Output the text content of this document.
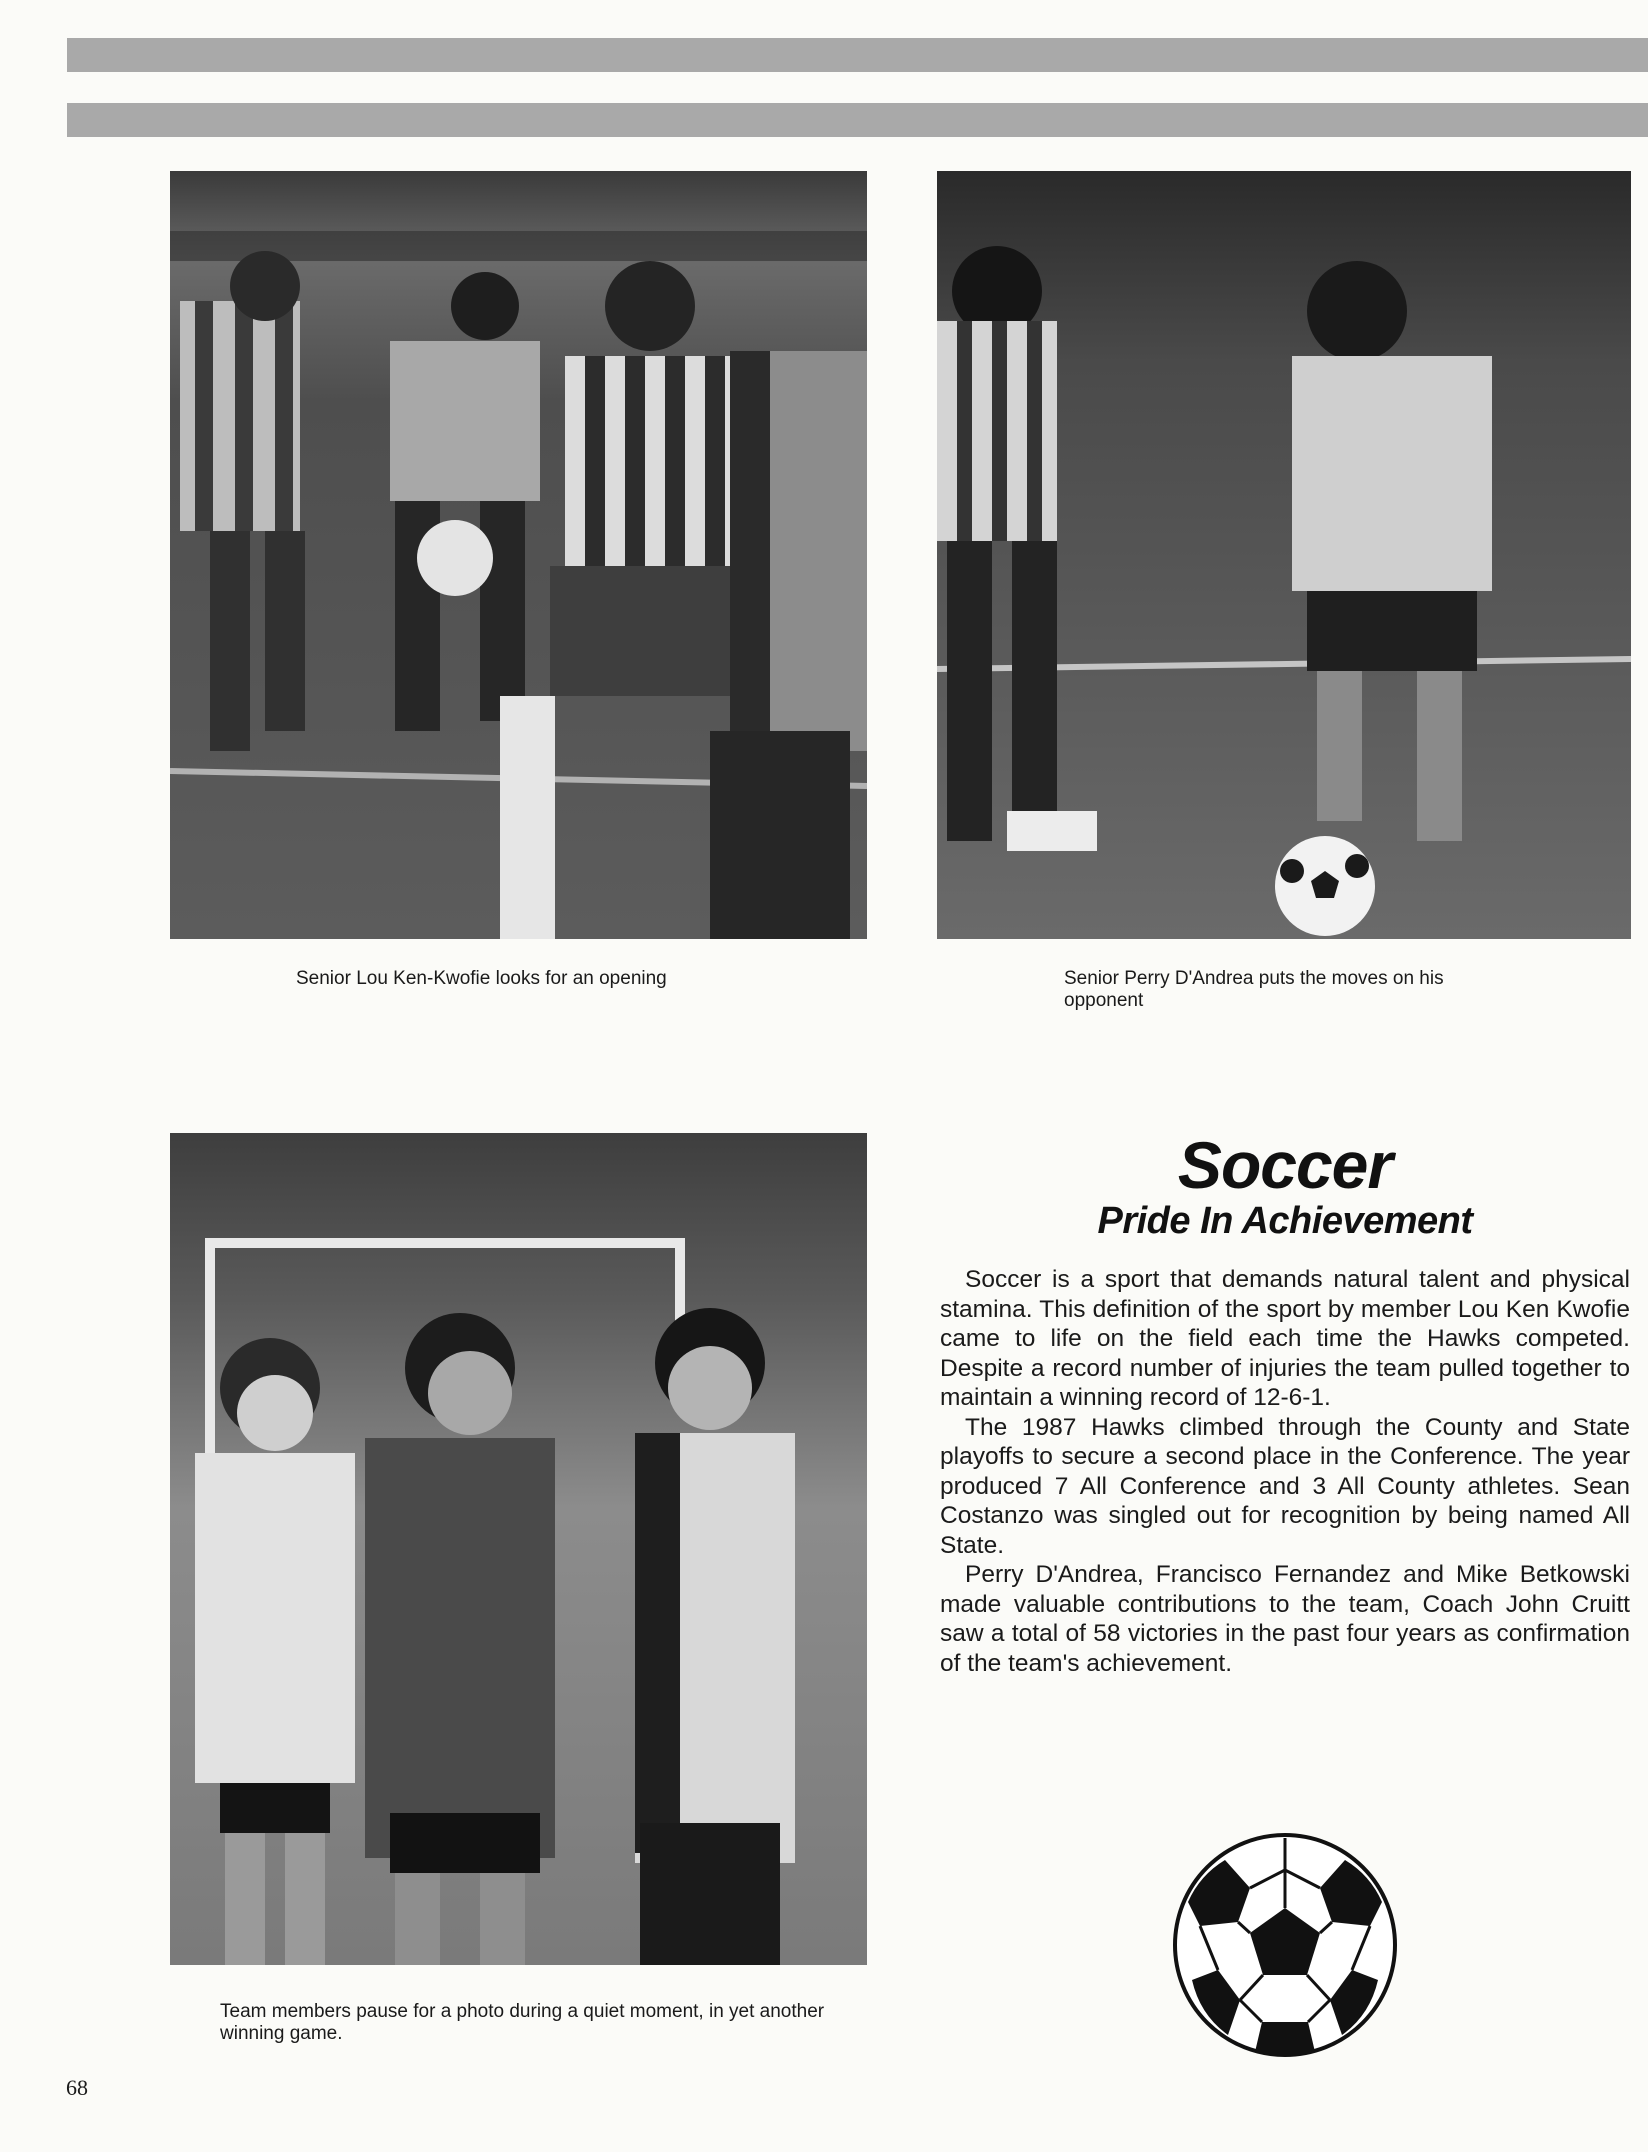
Senior Lou Ken-Kwofie looks for an opening	Senior Perry D'Andrea puts the moves on his opponent
Team members pause for a photo during a quiet moment, in yet another winning game.
Soccer
Pride In Achievement

Soccer is a sport that demands natural talent and physical stamina. This definition of the sport by member Lou Ken Kwofie came to life on the field each time the Hawks competed. Despite a record number of injuries the team pulled together to maintain a winning record of 12-6-1.

The 1987 Hawks climbed through the County and State playoffs to secure a second place in the Conference. The year produced 7 All Conference and 3 All County athletes. Sean Costanzo was singled out for recognition by being named All State.

Perry D'Andrea, Francisco Fernandez and Mike Betkowski made valuable contributions to the team, Coach John Cruitt saw a total of 58 victories in the past four years as confirmation of the team's achievement.

68
